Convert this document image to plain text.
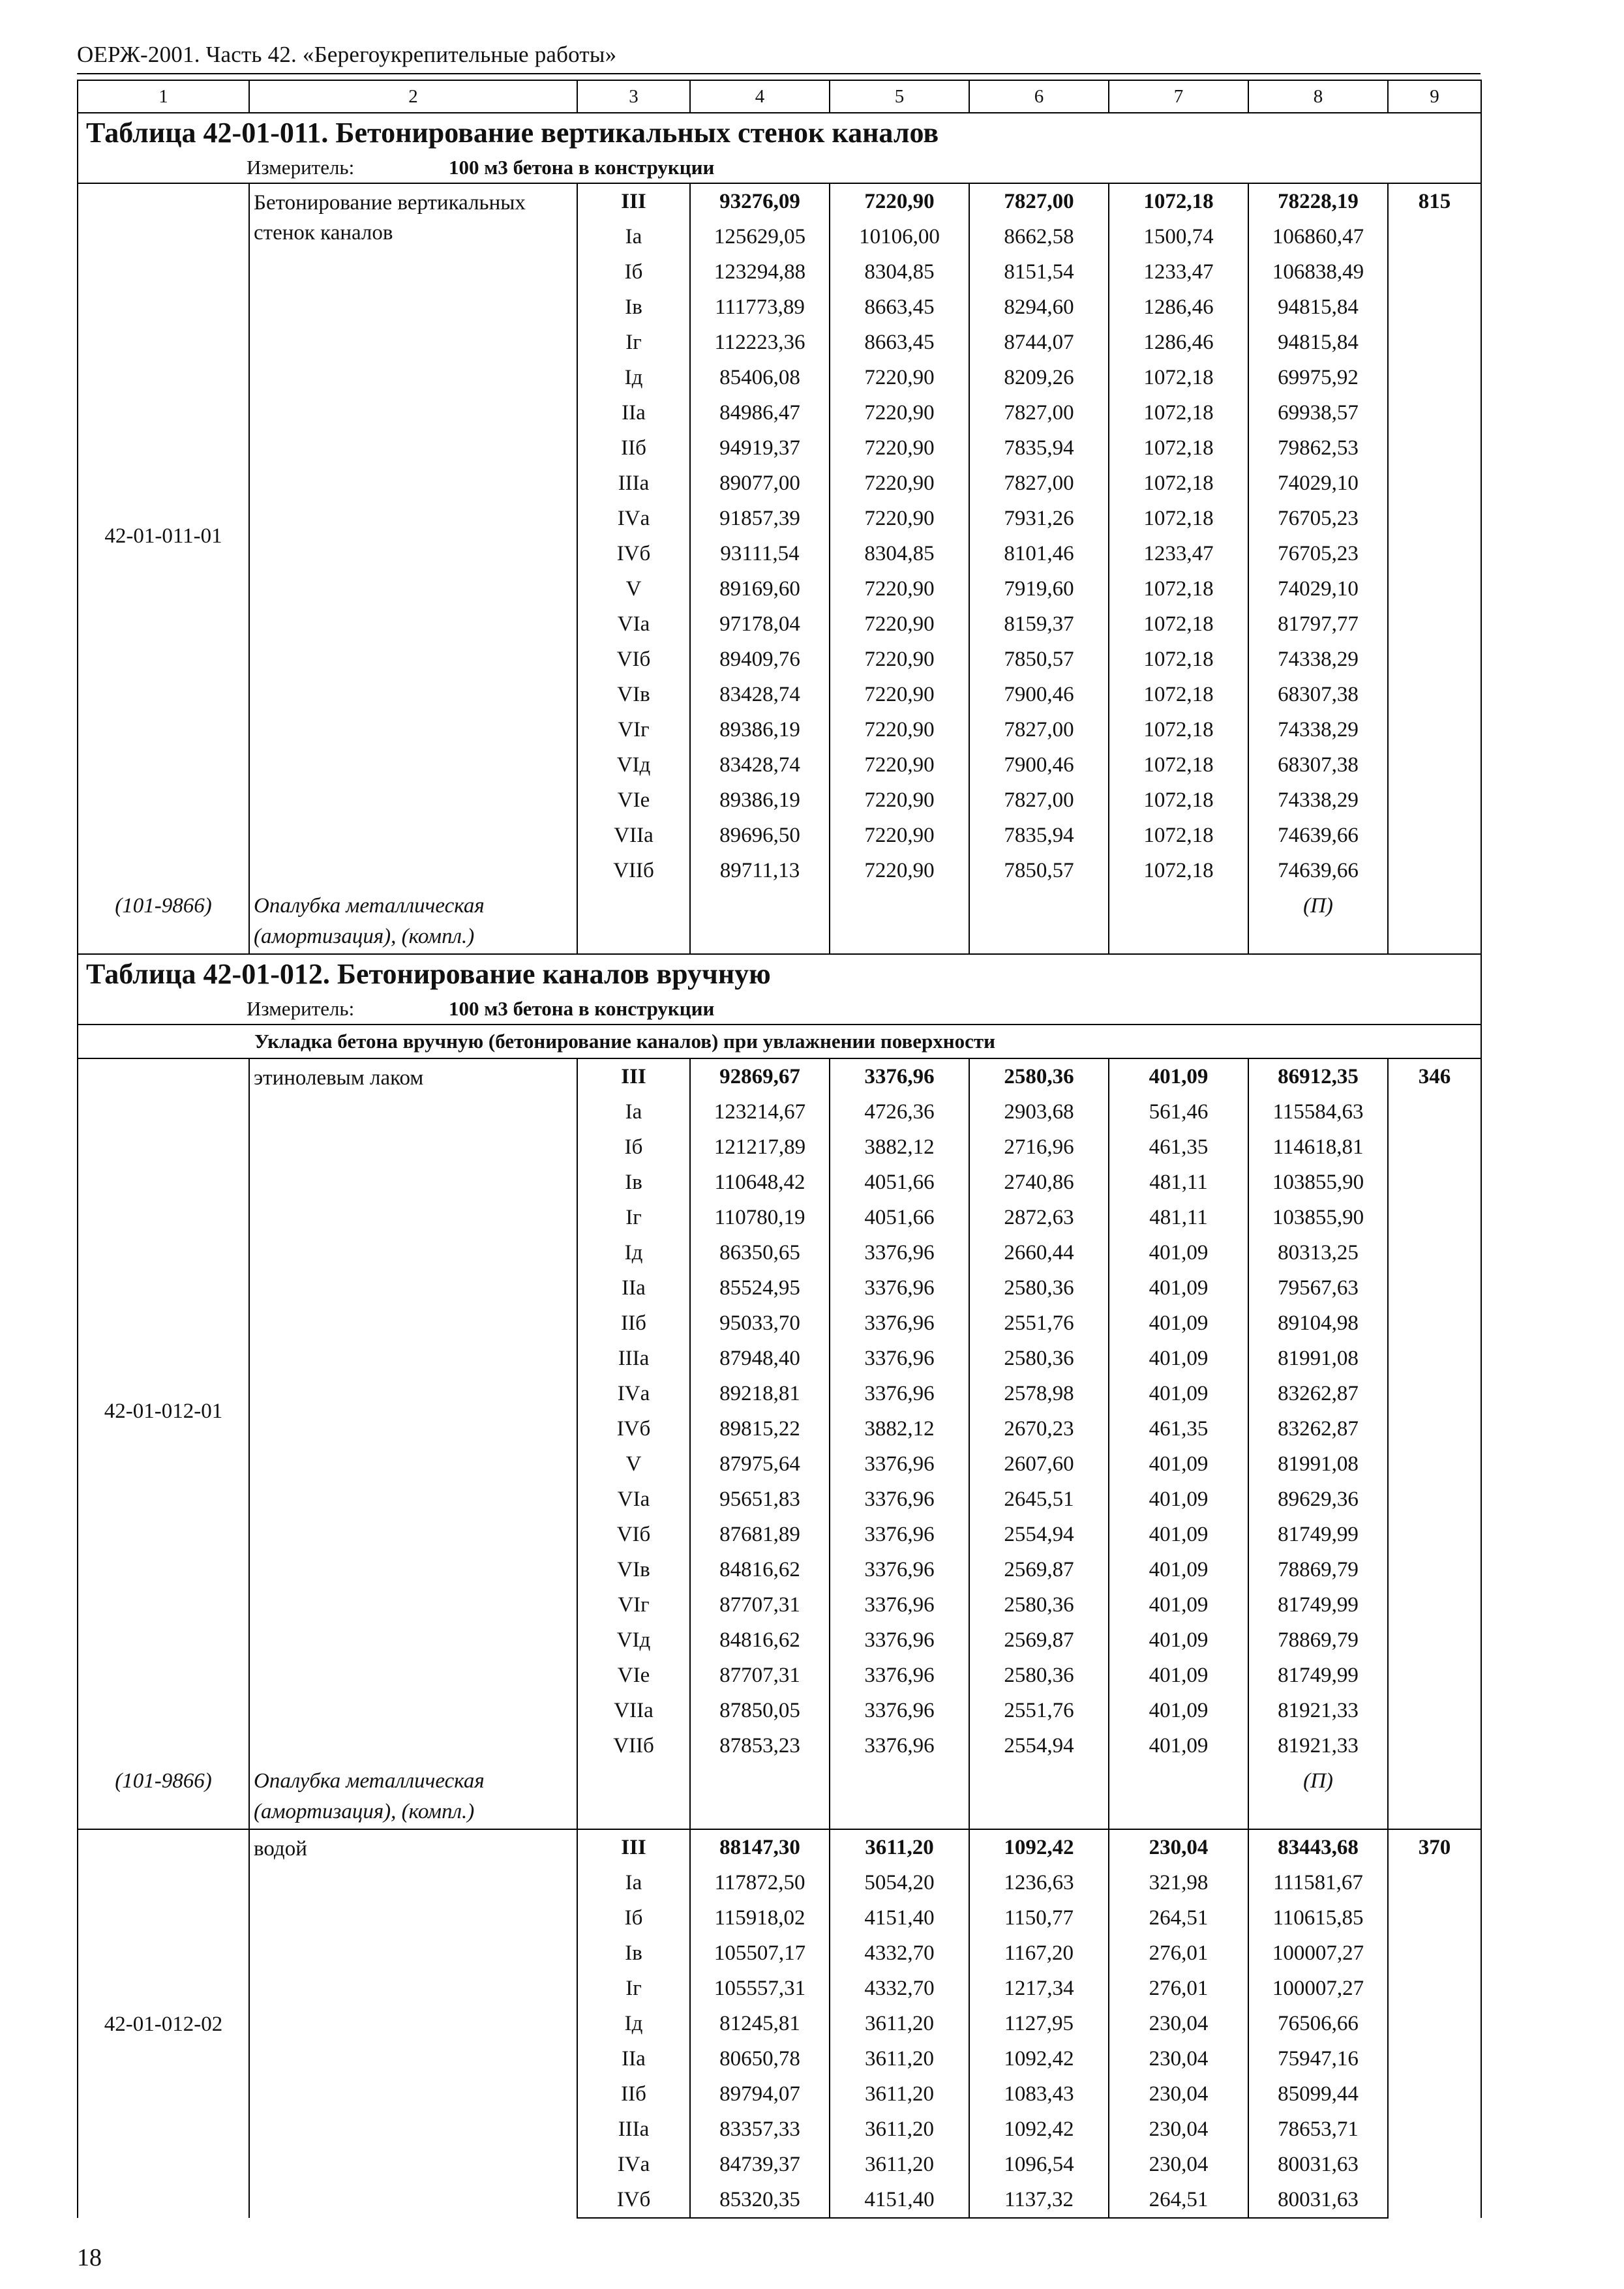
ОЕРЖ-2001. Часть 42. «Берегоукрепительные работы»
1	2	3	4	5	6	7	8	9
Таблица 42-01-011. Бетонирование вертикальных стенок каналов								
Измеритель: 100 м3 бетона в конструкции								
42-01-011-01	Бетонирование вертикальных стенок каналов	III	93276,09	7220,90	7827,00	1072,18	78228,19	815
		Iа	125629,05	10106,00	8662,58	1500,74	106860,47	
		Iб	123294,88	8304,85	8151,54	1233,47	106838,49	
		Iв	111773,89	8663,45	8294,60	1286,46	94815,84	
		Iг	112223,36	8663,45	8744,07	1286,46	94815,84	
		Iд	85406,08	7220,90	8209,26	1072,18	69975,92	
		IIа	84986,47	7220,90	7827,00	1072,18	69938,57	
		IIб	94919,37	7220,90	7835,94	1072,18	79862,53	
		IIIа	89077,00	7220,90	7827,00	1072,18	74029,10	
		IVа	91857,39	7220,90	7931,26	1072,18	76705,23	
		IVб	93111,54	8304,85	8101,46	1233,47	76705,23	
		V	89169,60	7220,90	7919,60	1072,18	74029,10	
		VIа	97178,04	7220,90	8159,37	1072,18	81797,77	
		VIб	89409,76	7220,90	7850,57	1072,18	74338,29	
		VIв	83428,74	7220,90	7900,46	1072,18	68307,38	
		VIг	89386,19	7220,90	7827,00	1072,18	74338,29	
		VIд	83428,74	7220,90	7900,46	1072,18	68307,38	
		VIе	89386,19	7220,90	7827,00	1072,18	74338,29	
		VIIа	89696,50	7220,90	7835,94	1072,18	74639,66	
		VIIб	89711,13	7220,90	7850,57	1072,18	74639,66	
(101-9866)	Опалубка металлическая						(П)	
	(амортизация), (компл.)							
Таблица 42-01-012. Бетонирование каналов вручную								
Измеритель: 100 м3 бетона в конструкции								
Укладка бетона вручную (бетонирование каналов) при увлажнении поверхности								
42-01-012-01	этинолевым лаком	III	92869,67	3376,96	2580,36	401,09	86912,35	346
		Iа	123214,67	4726,36	2903,68	561,46	115584,63	
		Iб	121217,89	3882,12	2716,96	461,35	114618,81	
		Iв	110648,42	4051,66	2740,86	481,11	103855,90	
		Iг	110780,19	4051,66	2872,63	481,11	103855,90	
		Iд	86350,65	3376,96	2660,44	401,09	80313,25	
		IIа	85524,95	3376,96	2580,36	401,09	79567,63	
		IIб	95033,70	3376,96	2551,76	401,09	89104,98	
		IIIа	87948,40	3376,96	2580,36	401,09	81991,08	
		IVа	89218,81	3376,96	2578,98	401,09	83262,87	
		IVб	89815,22	3882,12	2670,23	461,35	83262,87	
		V	87975,64	3376,96	2607,60	401,09	81991,08	
		VIа	95651,83	3376,96	2645,51	401,09	89629,36	
		VIб	87681,89	3376,96	2554,94	401,09	81749,99	
		VIв	84816,62	3376,96	2569,87	401,09	78869,79	
		VIг	87707,31	3376,96	2580,36	401,09	81749,99	
		VIд	84816,62	3376,96	2569,87	401,09	78869,79	
		VIе	87707,31	3376,96	2580,36	401,09	81749,99	
		VIIа	87850,05	3376,96	2551,76	401,09	81921,33	
		VIIб	87853,23	3376,96	2554,94	401,09	81921,33	
(101-9866)	Опалубка металлическая						(П)	
	(амортизация), (компл.)							
42-01-012-02	водой	III	88147,30	3611,20	1092,42	230,04	83443,68	370
		Iа	117872,50	5054,20	1236,63	321,98	111581,67	
		Iб	115918,02	4151,40	1150,77	264,51	110615,85	
		Iв	105507,17	4332,70	1167,20	276,01	100007,27	
		Iг	105557,31	4332,70	1217,34	276,01	100007,27	
		Iд	81245,81	3611,20	1127,95	230,04	76506,66	
		IIа	80650,78	3611,20	1092,42	230,04	75947,16	
		IIб	89794,07	3611,20	1083,43	230,04	85099,44	
		IIIа	83357,33	3611,20	1092,42	230,04	78653,71	
		IVа	84739,37	3611,20	1096,54	230,04	80031,63	
		IVб	85320,35	4151,40	1137,32	264,51	80031,63	
18
